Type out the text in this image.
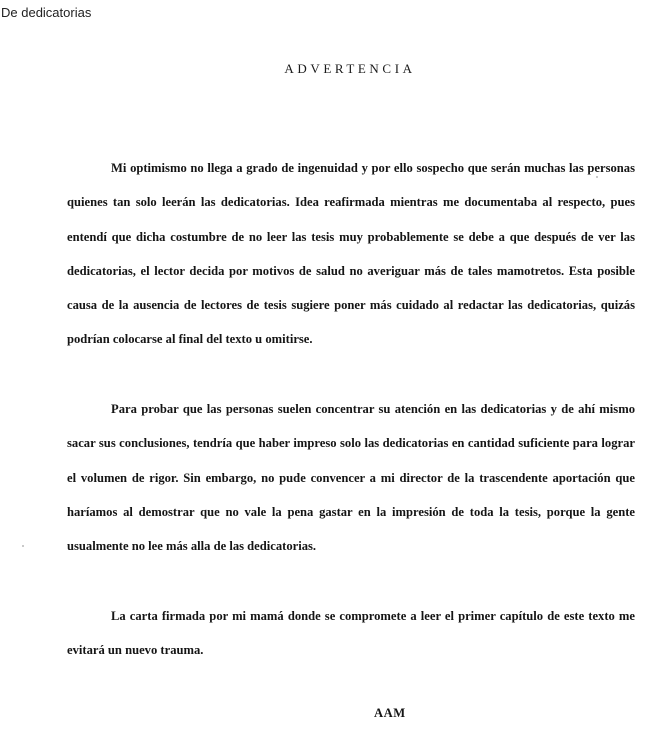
De dedicatorias
ADVERTENCIA

Mi optimismo no llega a grado de ingenuidad y por ello sospecho que serán muchas las personas quienes tan solo leerán las dedicatorias. Idea reafirmada mientras me documentaba al respecto, pues entendí que dicha costumbre de no leer las tesis muy probablemente se debe a que después de ver las dedicatorias, el lector decida por motivos de salud no averiguar más de tales mamotretos. Esta posible causa de la ausencia de lectores de tesis sugiere poner más cuidado al redactar las dedicatorias, quizás podrían colocarse al final del texto u omitirse.

Para probar que las personas suelen concentrar su atención en las dedicatorias y de ahí mismo sacar sus conclusiones, tendría que haber impreso solo las dedicatorias en cantidad suficiente para lograr el volumen de rigor. Sin embargo, no pude convencer a mi director de la trascendente aportación que haríamos al demostrar que no vale la pena gastar en la impresión de toda la tesis, porque la gente usualmente no lee más alla de las dedicatorias.

La carta firmada por mi mamá donde se compromete a leer el primer capítulo de este texto me evitará un nuevo trauma.

AAM
